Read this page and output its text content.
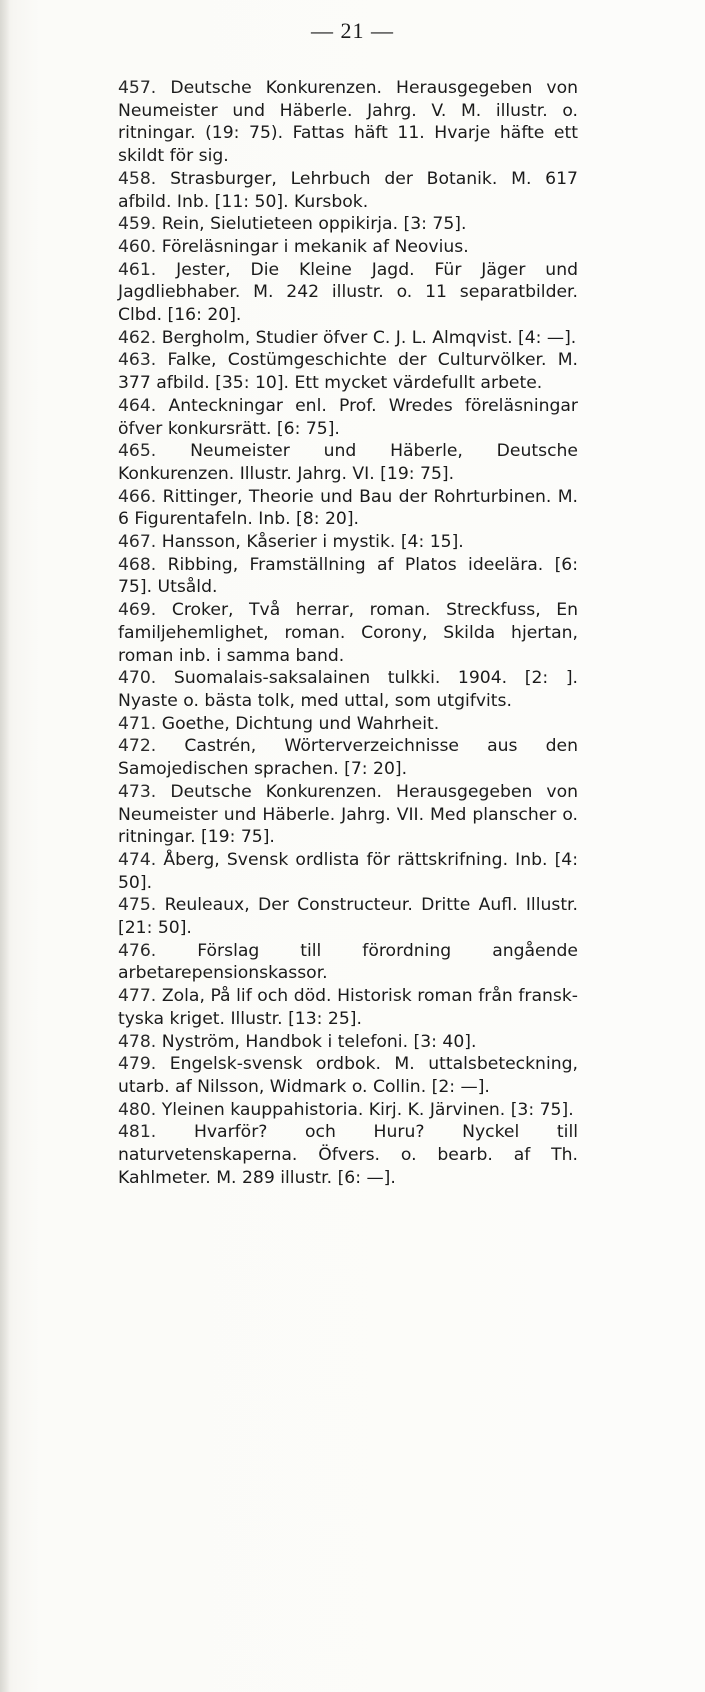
— 21 —
457. Deutsche Konkurenzen. Herausgegeben von Neumeister und Häberle. Jahrg. V. M. illustr. o. ritningar. (19: 75). Fattas häft 11. Hvarje häfte ett skildt för sig.
458. Strasburger, Lehrbuch der Botanik. M. 617 afbild. Inb. [11: 50]. Kursbok.
459. Rein, Sielutieteen oppikirja. [3: 75].
460. Föreläsningar i mekanik af Neovius.
461. Jester, Die Kleine Jagd. Für Jäger und Jagdliebhaber. M. 242 illustr. o. 11 separatbilder. Clbd. [16: 20].
462. Bergholm, Studier öfver C. J. L. Almqvist. [4: —].
463. Falke, Costümgeschichte der Culturvölker. M. 377 afbild. [35: 10]. Ett mycket värdefullt arbete.
464. Anteckningar enl. Prof. Wredes föreläsningar öfver konkursrätt. [6: 75].
465. Neumeister und Häberle, Deutsche Konkurenzen. Illustr. Jahrg. VI. [19: 75].
466. Rittinger, Theorie und Bau der Rohrturbinen. M. 6 Figurentafeln. Inb. [8: 20].
467. Hansson, Kåserier i mystik. [4: 15].
468. Ribbing, Framställning af Platos ideelära. [6: 75]. Utsåld.
469. Croker, Två herrar, roman. Streckfuss, En familjehemlighet, roman. Corony, Skilda hjertan, roman inb. i samma band.
470. Suomalais-saksalainen tulkki. 1904. [2: ]. Nyaste o. bästa tolk, med uttal, som utgifvits.
471. Goethe, Dichtung und Wahrheit.
472. Castrén, Wörterverzeichnisse aus den Samojedischen sprachen. [7: 20].
473. Deutsche Konkurenzen. Herausgegeben von Neumeister und Häberle. Jahrg. VII. Med planscher o. ritningar. [19: 75].
474. Åberg, Svensk ordlista för rättskrifning. Inb. [4: 50].
475. Reuleaux, Der Constructeur. Dritte Aufl. Illustr. [21: 50].
476. Förslag till förordning angående arbetarepensionskassor.
477. Zola, På lif och död. Historisk roman från fransk-tyska kriget. Illustr. [13: 25].
478. Nyström, Handbok i telefoni. [3: 40].
479. Engelsk-svensk ordbok. M. uttalsbeteckning, utarb. af Nilsson, Widmark o. Collin. [2: —].
480. Yleinen kauppahistoria. Kirj. K. Järvinen. [3: 75].
481. Hvarför? och Huru? Nyckel till naturvetenskaperna. Öfvers. o. bearb. af Th. Kahlmeter. M. 289 illustr. [6: —].
